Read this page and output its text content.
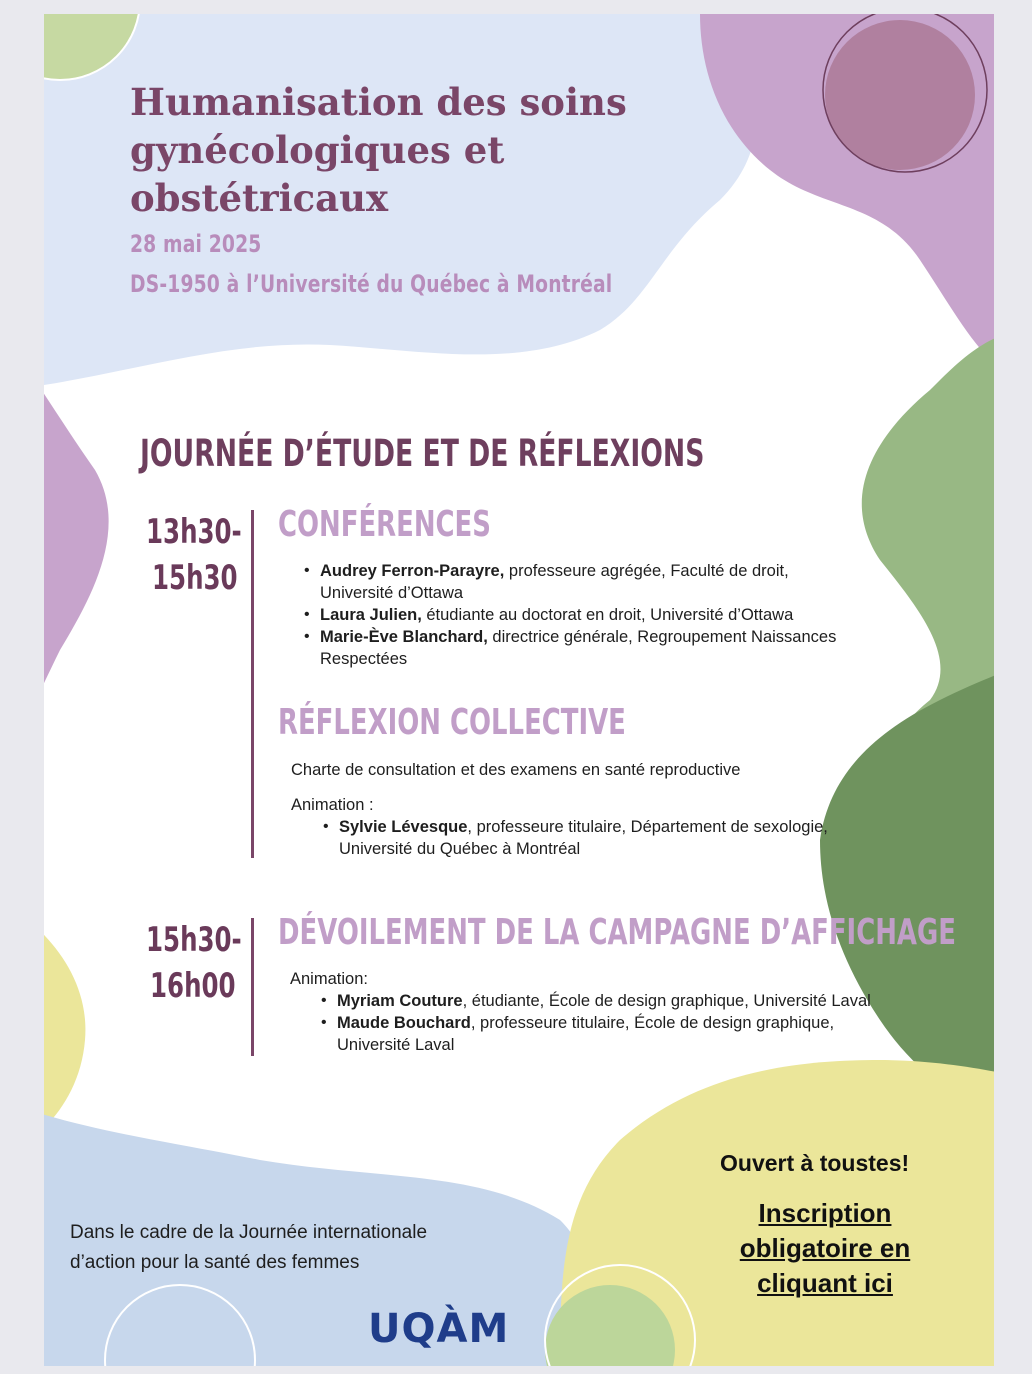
Humanisation des soins gynécologiques et obstétricaux
28 mai 2025
DS-1950 à l’Université du Québec à Montréal
JOURNÉE D’ÉTUDE ET DE RÉFLEXIONS
13h30-
15h30
CONFÉRENCES
• Audrey Ferron-Parayre, professeure agrégée, Faculté de droit, Université d’Ottawa
• Laura Julien, étudiante au doctorat en droit, Université d’Ottawa
• Marie-Ève Blanchard, directrice générale, Regroupement Naissances Respectées
RÉFLEXION COLLECTIVE
Charte de consultation et des examens en santé reproductive
Animation :
• Sylvie Lévesque, professeure titulaire, Département de sexologie, Université du Québec à Montréal
15h30-
16h00
DÉVOILEMENT DE LA CAMPAGNE D’AFFICHAGE
Animation:
• Myriam Couture, étudiante, École de design graphique, Université Laval
• Maude Bouchard, professeure titulaire, École de design graphique, Université Laval
Ouvert à toustes!
Inscription obligatoire en cliquant ici
Dans le cadre de la Journée internationale d’action pour la santé des femmes
UQÀM
